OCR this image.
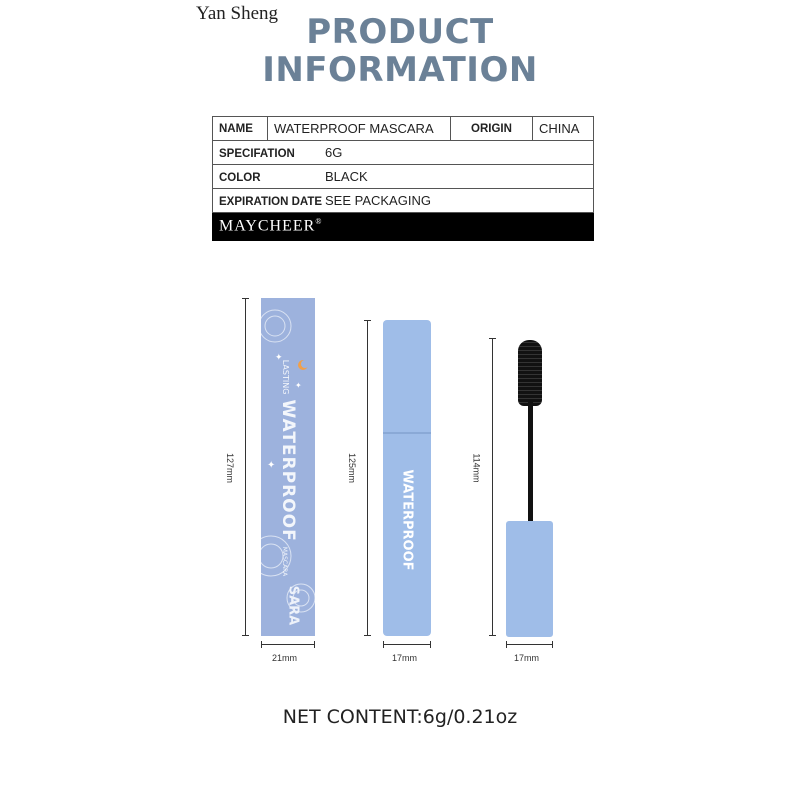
Yan Sheng PRODUCT
INFORMATION
NAME	WATERPROOF MASCARA	ORIGIN	CHINA
SPECIFATION 6G
COLOR	BLACK
EXPIRATION DATE SEE PACKAGING
MAYCHEER®
127mm
✦
✦
✦
LASTING WATERPROOF MASCARA
SARA
21mm
125mm
WATERPROOF
17mm
114mm
17mm
NET CONTENT:6g/0.21oz
